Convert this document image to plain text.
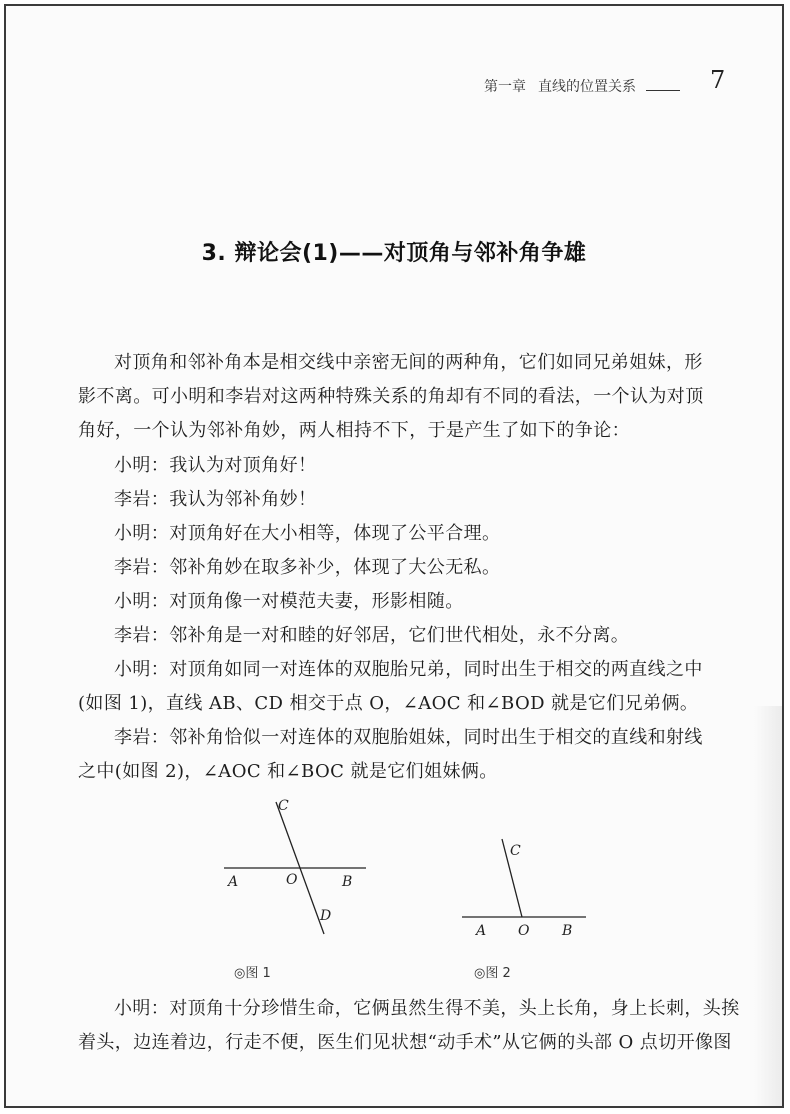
第一章 直线的位置关系	7
3. 辩论会(1)——对顶角与邻补角争雄
对顶角和邻补角本是相交线中亲密无间的两种角，它们如同兄弟姐妹，形
影不离。可小明和李岩对这两种特殊关系的角却有不同的看法，一个认为对顶
角好，一个认为邻补角妙，两人相持不下，于是产生了如下的争论：
小明：我认为对顶角好！
李岩：我认为邻补角妙！
小明：对顶角好在大小相等，体现了公平合理。
李岩：邻补角妙在取多补少，体现了大公无私。
小明：对顶角像一对模范夫妻，形影相随。
李岩：邻补角是一对和睦的好邻居，它们世代相处，永不分离。
小明：对顶角如同一对连体的双胞胎兄弟，同时出生于相交的两直线之中
(如图 1)，直线 AB、CD 相交于点 O，∠AOC 和∠BOD 就是它们兄弟俩。
李岩：邻补角恰似一对连体的双胞胎姐妹，同时出生于相交的直线和射线
之中(如图 2)，∠AOC 和∠BOC 就是它们姐妹俩。
C
A	O	B
D
◎图 1
C
A O B
◎图 2
小明：对顶角十分珍惜生命，它俩虽然生得不美，头上长角，身上长刺，头挨
着头，边连着边，行走不便，医生们见状想“动手术”从它俩的头部 O 点切开像图
